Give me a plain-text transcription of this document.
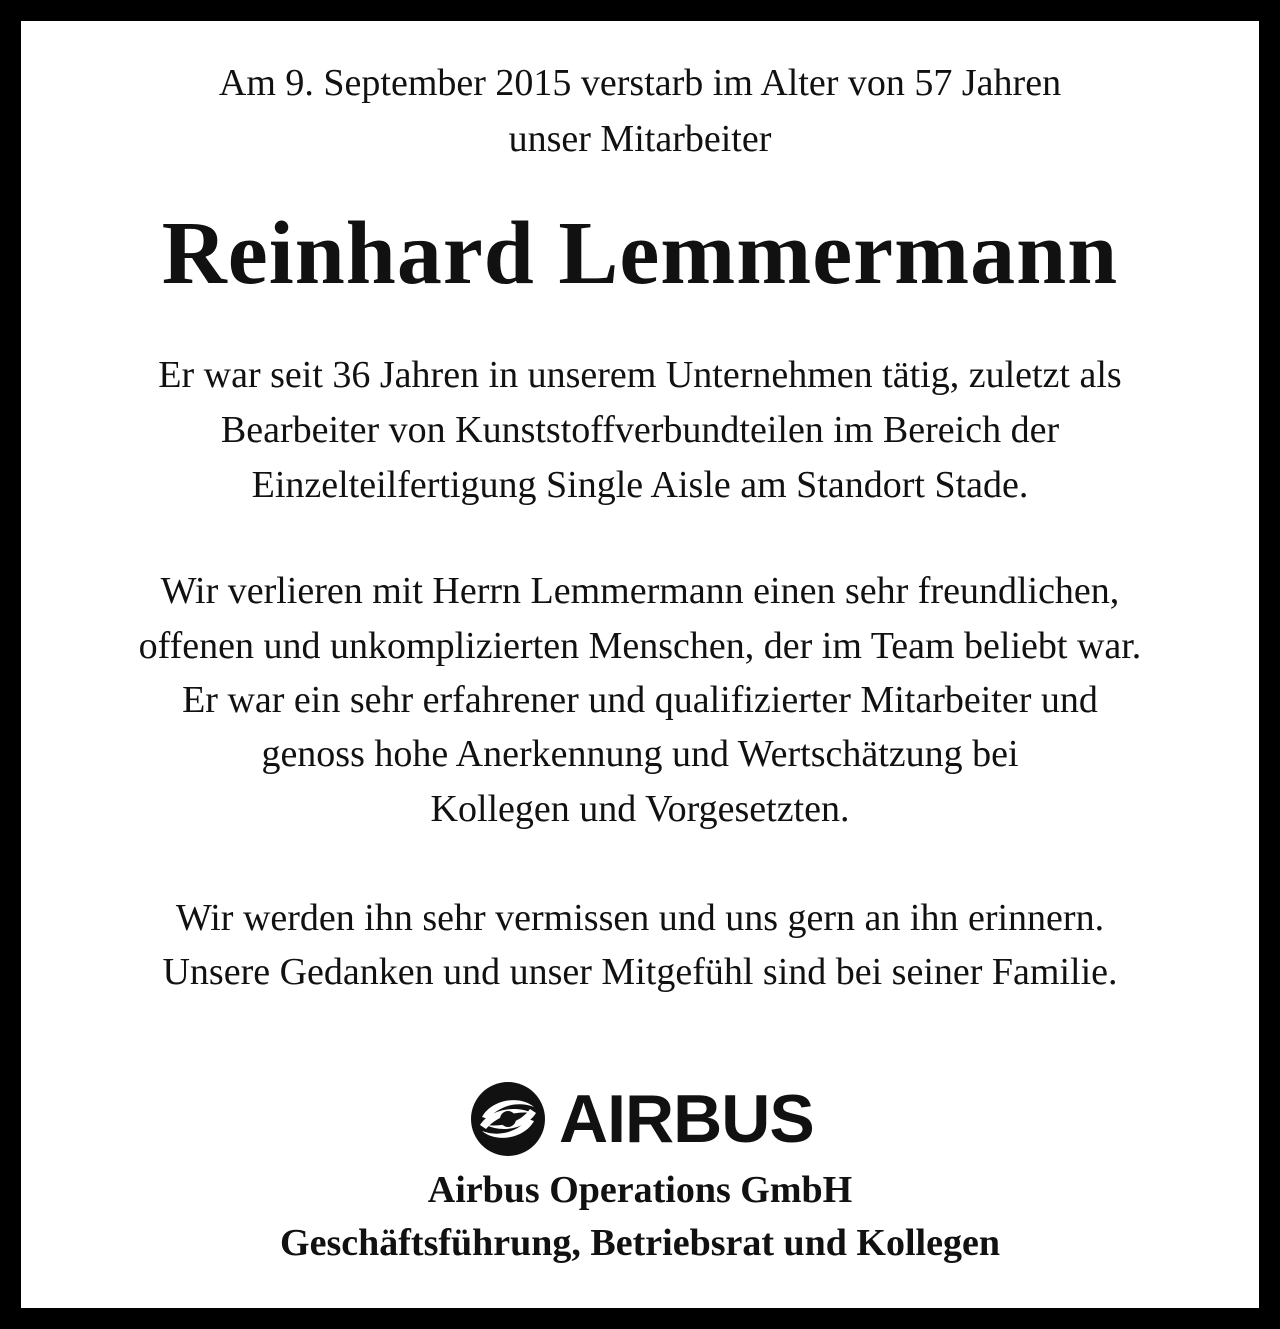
Am 9. September 2015 verstarb im Alter von 57 Jahren
unser Mitarbeiter
Reinhard Lemmermann
Er war seit 36 Jahren in unserem Unternehmen tätig, zuletzt als
Bearbeiter von Kunststoffverbundteilen im Bereich der
Einzelteilfertigung Single Aisle am Standort Stade.
Wir verlieren mit Herrn Lemmermann einen sehr freundlichen,
offenen und unkomplizierten Menschen, der im Team beliebt war.
Er war ein sehr erfahrener und qualifizierter Mitarbeiter und
genoss hohe Anerkennung und Wertschätzung bei
Kollegen und Vorgesetzten.
Wir werden ihn sehr vermissen und uns gern an ihn erinnern.
Unsere Gedanken und unser Mitgefühl sind bei seiner Familie.
AIRBUS
Airbus Operations GmbH
Geschäftsführung, Betriebsrat und Kollegen
